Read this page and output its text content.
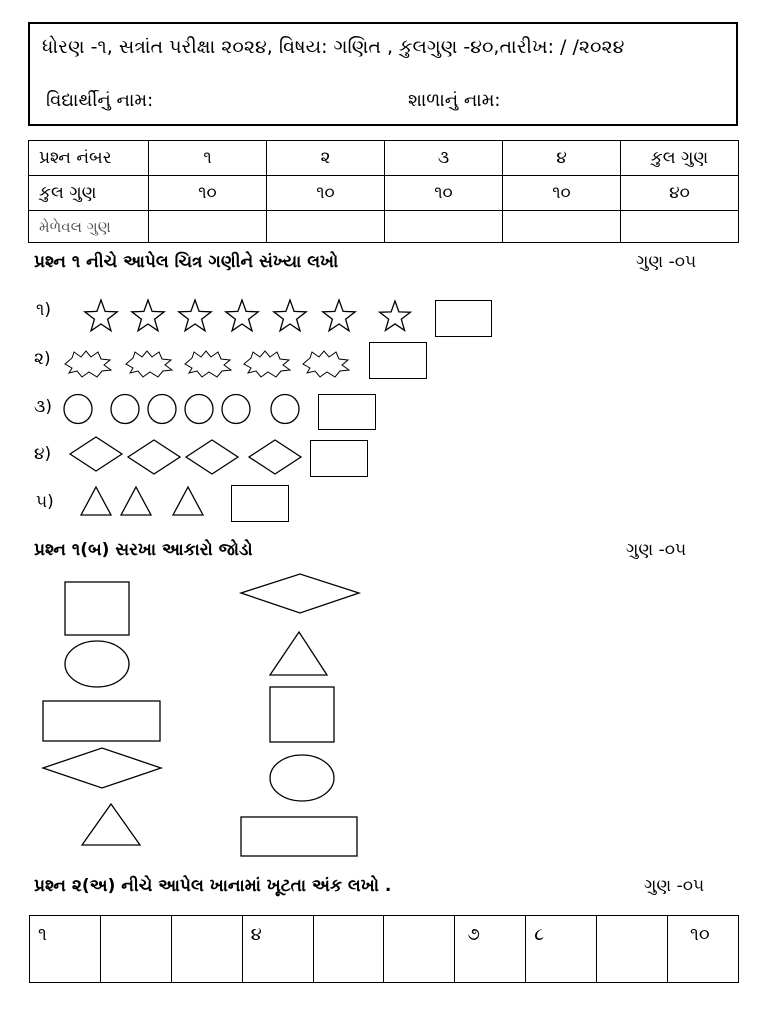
ધોરણ -૧, સત્રાંત પરીક્ષા ૨૦૨૪, વિષય: ગણિત , કુલગુણ -૪૦,તારીખ: / /૨૦૨૪
વિદ્યાર્થીનું નામ:	શાળાનું નામ:
પ્રશ્ન નંબર	૧	૨	૩	૪	કુલ ગુણ
કુલ ગુણ	૧૦	૧૦	૧૦	૧૦	૪૦
મેળેવલ ગુણ					
પ્રશ્ન ૧ નીચે આપેલ ચિત્ર ગણીને સંખ્યા લખો	ગુણ -૦૫
૧)
૨)
૩)
૪)
૫)
પ્રશ્ન ૧(બ) સરખા આકારો જોડો	ગુણ -૦૫
પ્રશ્ન ૨(અ) નીચે આપેલ ખાનામાં ખૂટતા અંક લખો .	ગુણ -૦૫
૧			૪			૭	૮		૧૦
